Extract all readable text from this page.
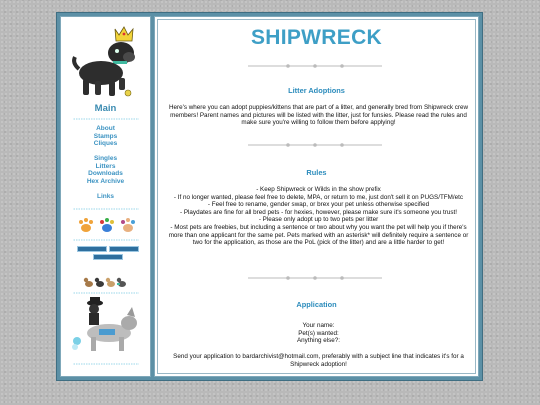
Main
About
Stamps
Cliques
Singles
Litters
Downloads
Hex Archive
Links
SHIPWRECK
Litter Adoptions
Here's where you can adopt puppies/kittens that are part of a litter, and generally bred from Shipwreck crew members! Parent names and pictures will be listed with the litter, just for funsies. Please read the rules and make sure you're willing to follow them before applying!
Rules

- Keep Shipwreck or Wilds in the show prefix

- If no longer wanted, please feel free to delete, MPA, or return to me, just don't sell it on PUGS/TFM/etc

- Feel free to rename, gender swap, or brex your pet unless otherwise specified

- Playdates are fine for all bred pets - for hexies, however, please make sure it's someone you trust!

- Please only adopt up to two pets per litter

- Most pets are freebies, but including a sentence or two about why you want the pet will help you if there's more than one applicant for the same pet. Pets marked with an asterisk* will definitely require a sentence or two for the application, as those are the PoL (pick of the litter) and are a little harder to get!

Application

Your name:

Pet(s) wanted:

Anything else?:

Send your application to bardarchivist@hotmail.com, preferably with a subject line that indicates it's for a Shipwreck adoption!
